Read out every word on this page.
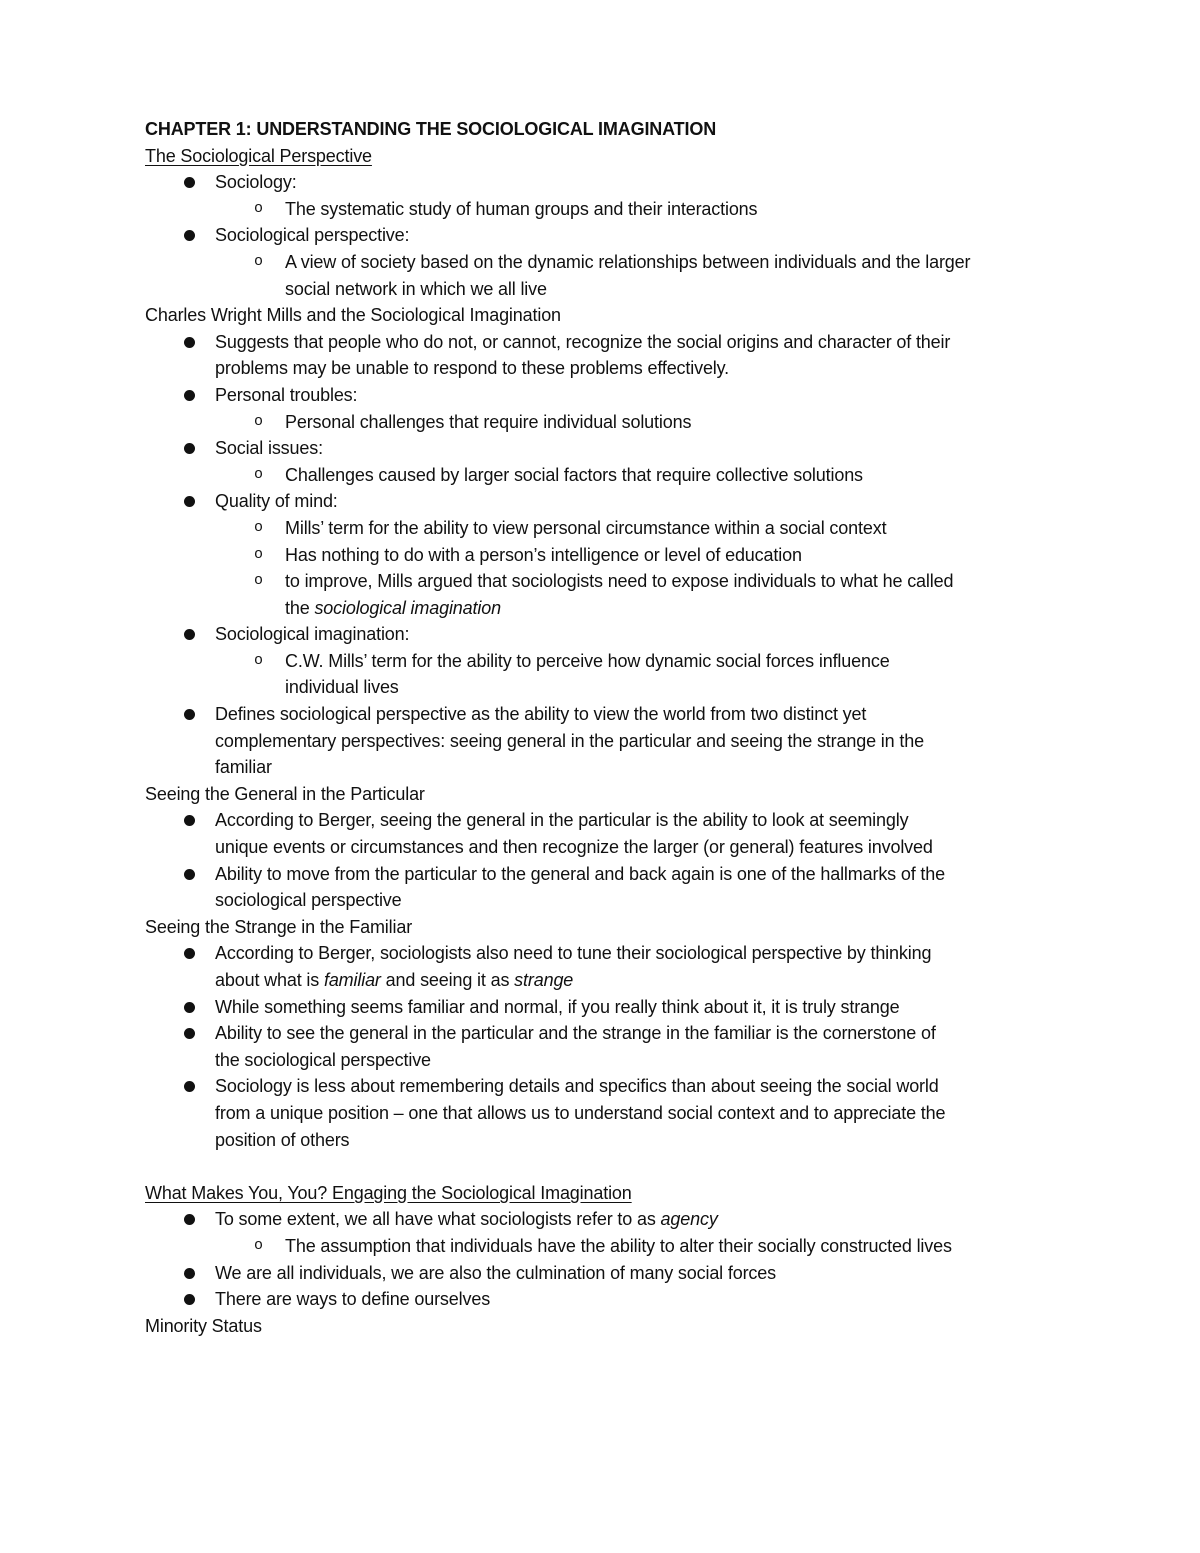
CHAPTER 1: UNDERSTANDING THE SOCIOLOGICAL IMAGINATION
The Sociological Perspective
Sociology:
o The systematic study of human groups and their interactions
Sociological perspective:
o A view of society based on the dynamic relationships between individuals and the larger
social network in which we all live
Charles Wright Mills and the Sociological Imagination
Suggests that people who do not, or cannot, recognize the social origins and character of their
problems may be unable to respond to these problems effectively.
Personal troubles:
o Personal challenges that require individual solutions
Social issues:
o Challenges caused by larger social factors that require collective solutions
Quality of mind:
o Mills’ term for the ability to view personal circumstance within a social context
o Has nothing to do with a person’s intelligence or level of education
o to improve, Mills argued that sociologists need to expose individuals to what he called
the sociological imagination
Sociological imagination:
o C.W. Mills’ term for the ability to perceive how dynamic social forces influence
individual lives
Defines sociological perspective as the ability to view the world from two distinct yet
complementary perspectives: seeing general in the particular and seeing the strange in the
familiar
Seeing the General in the Particular
According to Berger, seeing the general in the particular is the ability to look at seemingly
unique events or circumstances and then recognize the larger (or general) features involved
Ability to move from the particular to the general and back again is one of the hallmarks of the
sociological perspective
Seeing the Strange in the Familiar
According to Berger, sociologists also need to tune their sociological perspective by thinking
about what is familiar and seeing it as strange
While something seems familiar and normal, if you really think about it, it is truly strange
Ability to see the general in the particular and the strange in the familiar is the cornerstone of
the sociological perspective
Sociology is less about remembering details and specifics than about seeing the social world
from a unique position – one that allows us to understand social context and to appreciate the
position of others
What Makes You, You? Engaging the Sociological Imagination
To some extent, we all have what sociologists refer to as agency
o The assumption that individuals have the ability to alter their socially constructed lives
We are all individuals, we are also the culmination of many social forces
There are ways to define ourselves
Minority Status
